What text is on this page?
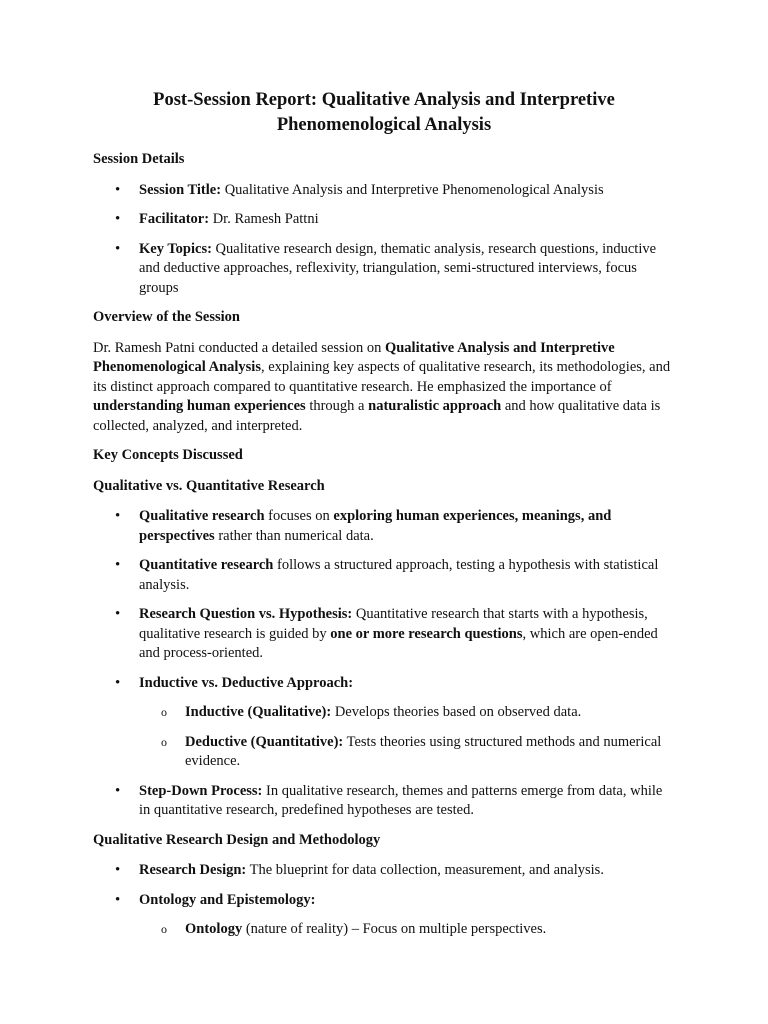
Post-Session Report: Qualitative Analysis and Interpretive
Phenomenological Analysis
Session Details
• Session Title: Qualitative Analysis and Interpretive Phenomenological Analysis
• Facilitator: Dr. Ramesh Pattni
• Key Topics: Qualitative research design, thematic analysis, research questions, inductive and deductive approaches, reflexivity, triangulation, semi-structured interviews, focus groups
Overview of the Session

Dr. Ramesh Patni conducted a detailed session on Qualitative Analysis and Interpretive Phenomenological Analysis, explaining key aspects of qualitative research, its methodologies, and its distinct approach compared to quantitative research. He emphasized the importance of understanding human experiences through a naturalistic approach and how qualitative data is collected, analyzed, and interpreted.

Key Concepts Discussed
Qualitative vs. Quantitative Research
• Qualitative research focuses on exploring human experiences, meanings, and perspectives rather than numerical data.
• Quantitative research follows a structured approach, testing a hypothesis with statistical analysis.
• Research Question vs. Hypothesis: Quantitative research that starts with a hypothesis, qualitative research is guided by one or more research questions, which are open-ended and process-oriented.
• Inductive vs. Deductive Approach:
o Inductive (Qualitative): Develops theories based on observed data.
o Deductive (Quantitative): Tests theories using structured methods and numerical evidence.
• Step-Down Process: In qualitative research, themes and patterns emerge from data, while in quantitative research, predefined hypotheses are tested.
Qualitative Research Design and Methodology
• Research Design: The blueprint for data collection, measurement, and analysis.
• Ontology and Epistemology:
o Ontology (nature of reality) – Focus on multiple perspectives.
